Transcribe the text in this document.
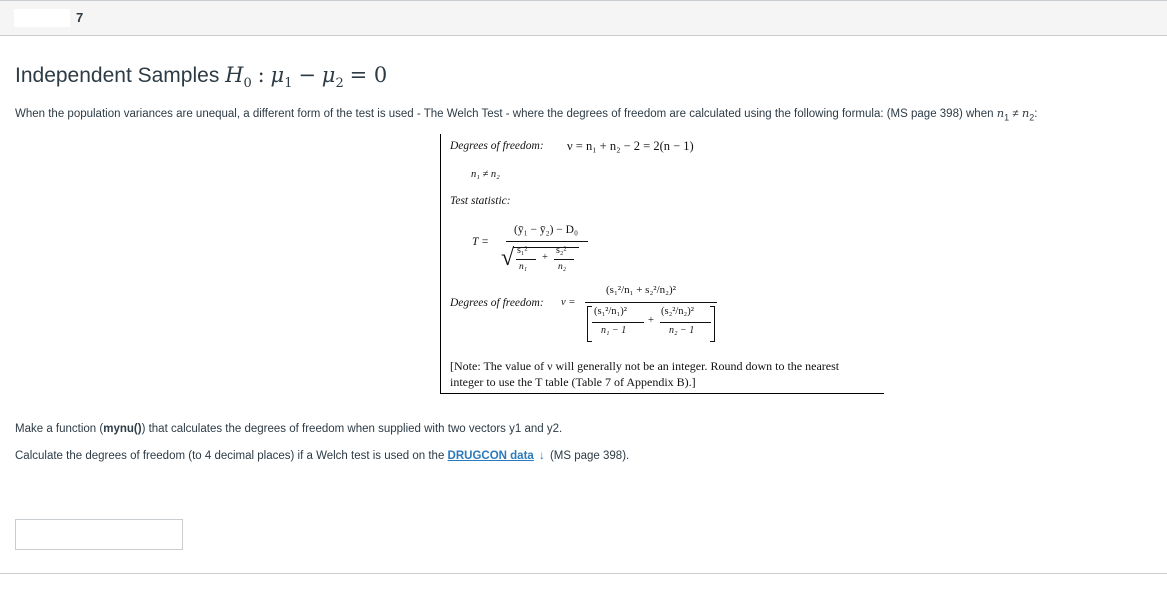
7
Independent Samples $H_0$ : $\mu_1 - \mu_2 = 0$
When the population variances are unequal, a different form of the test is used - The Welch Test - where the degrees of freedom are calculated using the following formula: (MS page 398) when $n_1 \ne n_2$:
Degrees of freedom: ν = n₁ + n₂ − 2 = 2(n − 1)
n₁ ≠ n₂
Test statistic:
T =
(ȳ₁ − ȳ₂) − D₀
√ s₁²
n₁
+
s₂²
n₂
Degrees of freedom: ν =
(s₁²/n₁ + s₂²/n₂)²
(s₁²/n₁)²
n₁ − 1
+
(s₂²/n₂)²
n₂ − 1
[Note: The value of ν will generally not be an integer. Round down to the nearest
integer to use the T table (Table 7 of Appendix B).]
Make a function (mynu()) that calculates the degrees of freedom when supplied with two vectors y1 and y2.
Calculate the degrees of freedom (to 4 decimal places) if a Welch test is used on the DRUGCON data ↓ (MS page 398).
